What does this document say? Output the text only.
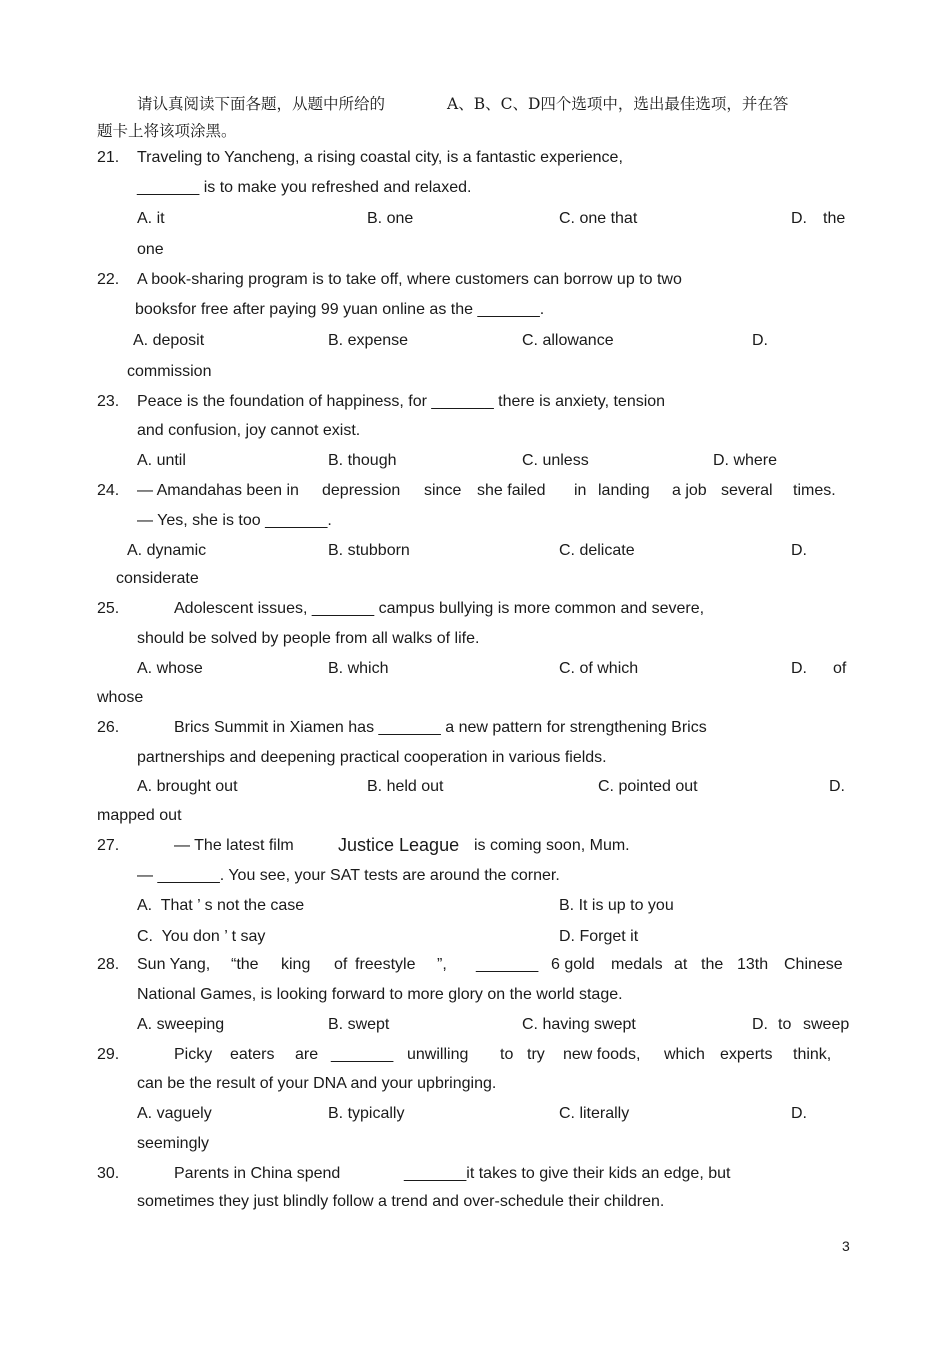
请认真阅读下面各题，从题中所给的	A、B、C、D四个选项中，选出最佳选项，并在答
题卡上将该项涂黑。
21. Traveling to Yancheng, a rising coastal city, is a fantastic experience,
_______ is to make you refreshed and relaxed.
A. it	B. one	C. one that	D. the
one
22. A book-sharing program is to take off, where customers can borrow up to two
booksfor free after paying 99 yuan online as the _______.
A. deposit	B. expense	C. allowance	D.
commission
23. Peace is the foundation of happiness, for _______ there is anxiety, tension
and confusion, joy cannot exist.
A. until	B. though	C. unless	D. where
24. — Amandahas been in depression since she failed in landing a job several times.
— Yes, she is too _______.
A. dynamic	B. stubborn	C. delicate	D.
considerate
25.	Adolescent issues, _______ campus bullying is more common and severe,
should be solved by people from all walks of life.
A. whose	B. which	C. of which	D. of
whose
26.	Brics Summit in Xiamen has _______ a new pattern for strengthening Brics
partnerships and deepening practical cooperation in various fields.
A. brought out	B. held out	C. pointed out	D.
mapped out
27.	— The latest film Justice League is coming soon, Mum.
— _______. You see, your SAT tests are around the corner.
A.  That ’ s not the case	B. It is up to you
C.  You don ’ t say	D. Forget it
28. Sun Yang, “the king of freestyle ”, _______ 6 gold medals at the 13th Chinese
National Games, is looking forward to more glory on the world stage.
A. sweeping	B. swept	C. having swept	D. to sweep
29.	Picky eaters are _______ unwilling to try new foods, which experts think,
can be the result of your DNA and your upbringing.
A. vaguely	B. typically	C. literally	D.
seemingly
30.	Parents in China spend	_______it takes to give their kids an edge, but
sometimes they just blindly follow a trend and over-schedule their children.
3
